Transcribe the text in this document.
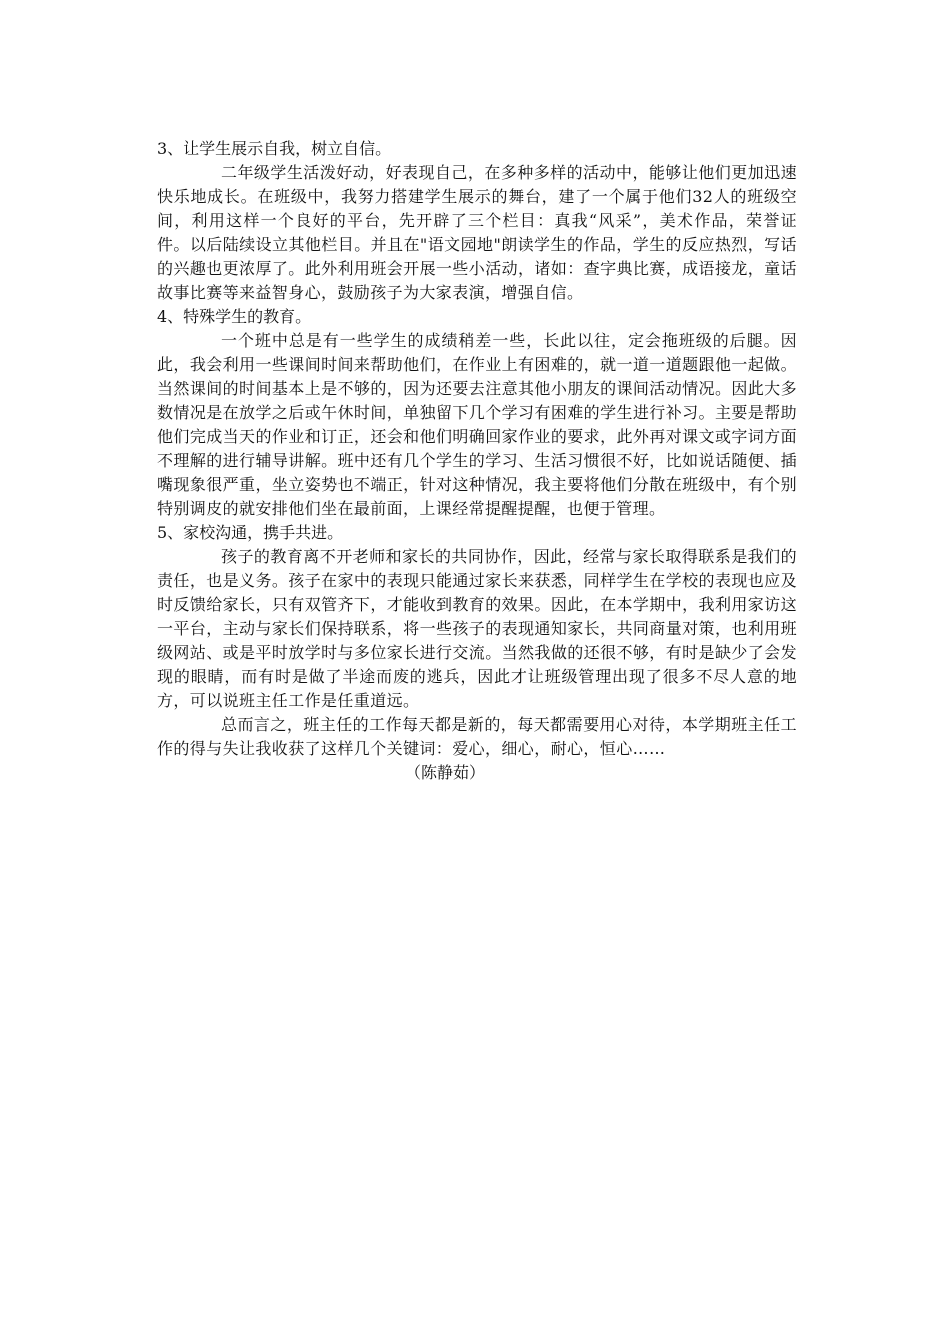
3、让学生展示自我，树立自信。

二年级学生活泼好动，好表现自己，在多种多样的活动中，能够让他们更加迅速快乐地成长。在班级中，我努力搭建学生展示的舞台，建了一个属于他们32人的班级空间，利用这样一个良好的平台，先开辟了三个栏目：真我“风采”，美术作品，荣誉证件。以后陆续设立其他栏目。并且在"语文园地"朗读学生的作品，学生的反应热烈，写话的兴趣也更浓厚了。此外利用班会开展一些小活动，诸如：查字典比赛，成语接龙，童话故事比赛等来益智身心，鼓励孩子为大家表演，增强自信。

4、特殊学生的教育。

一个班中总是有一些学生的成绩稍差一些，长此以往，定会拖班级的后腿。因此，我会利用一些课间时间来帮助他们，在作业上有困难的，就一道一道题跟他一起做。当然课间的时间基本上是不够的，因为还要去注意其他小朋友的课间活动情况。因此大多数情况是在放学之后或午休时间，单独留下几个学习有困难的学生进行补习。主要是帮助他们完成当天的作业和订正，还会和他们明确回家作业的要求，此外再对课文或字词方面不理解的进行辅导讲解。班中还有几个学生的学习、生活习惯很不好，比如说话随便、插嘴现象很严重，坐立姿势也不端正，针对这种情况，我主要将他们分散在班级中，有个别特别调皮的就安排他们坐在最前面，上课经常提醒提醒，也便于管理。

5、家校沟通，携手共进。

孩子的教育离不开老师和家长的共同协作，因此，经常与家长取得联系是我们的责任，也是义务。孩子在家中的表现只能通过家长来获悉，同样学生在学校的表现也应及时反馈给家长，只有双管齐下，才能收到教育的效果。因此，在本学期中，我利用家访这一平台，主动与家长们保持联系，将一些孩子的表现通知家长，共同商量对策，也利用班级网站、或是平时放学时与多位家长进行交流。当然我做的还很不够，有时是缺少了会发现的眼睛，而有时是做了半途而废的逃兵，因此才让班级管理出现了很多不尽人意的地方，可以说班主任工作是任重道远。

总而言之，班主任的工作每天都是新的，每天都需要用心对待，本学期班主任工作的得与失让我收获了这样几个关键词：爱心，细心，耐心，恒心……

（陈静茹）
